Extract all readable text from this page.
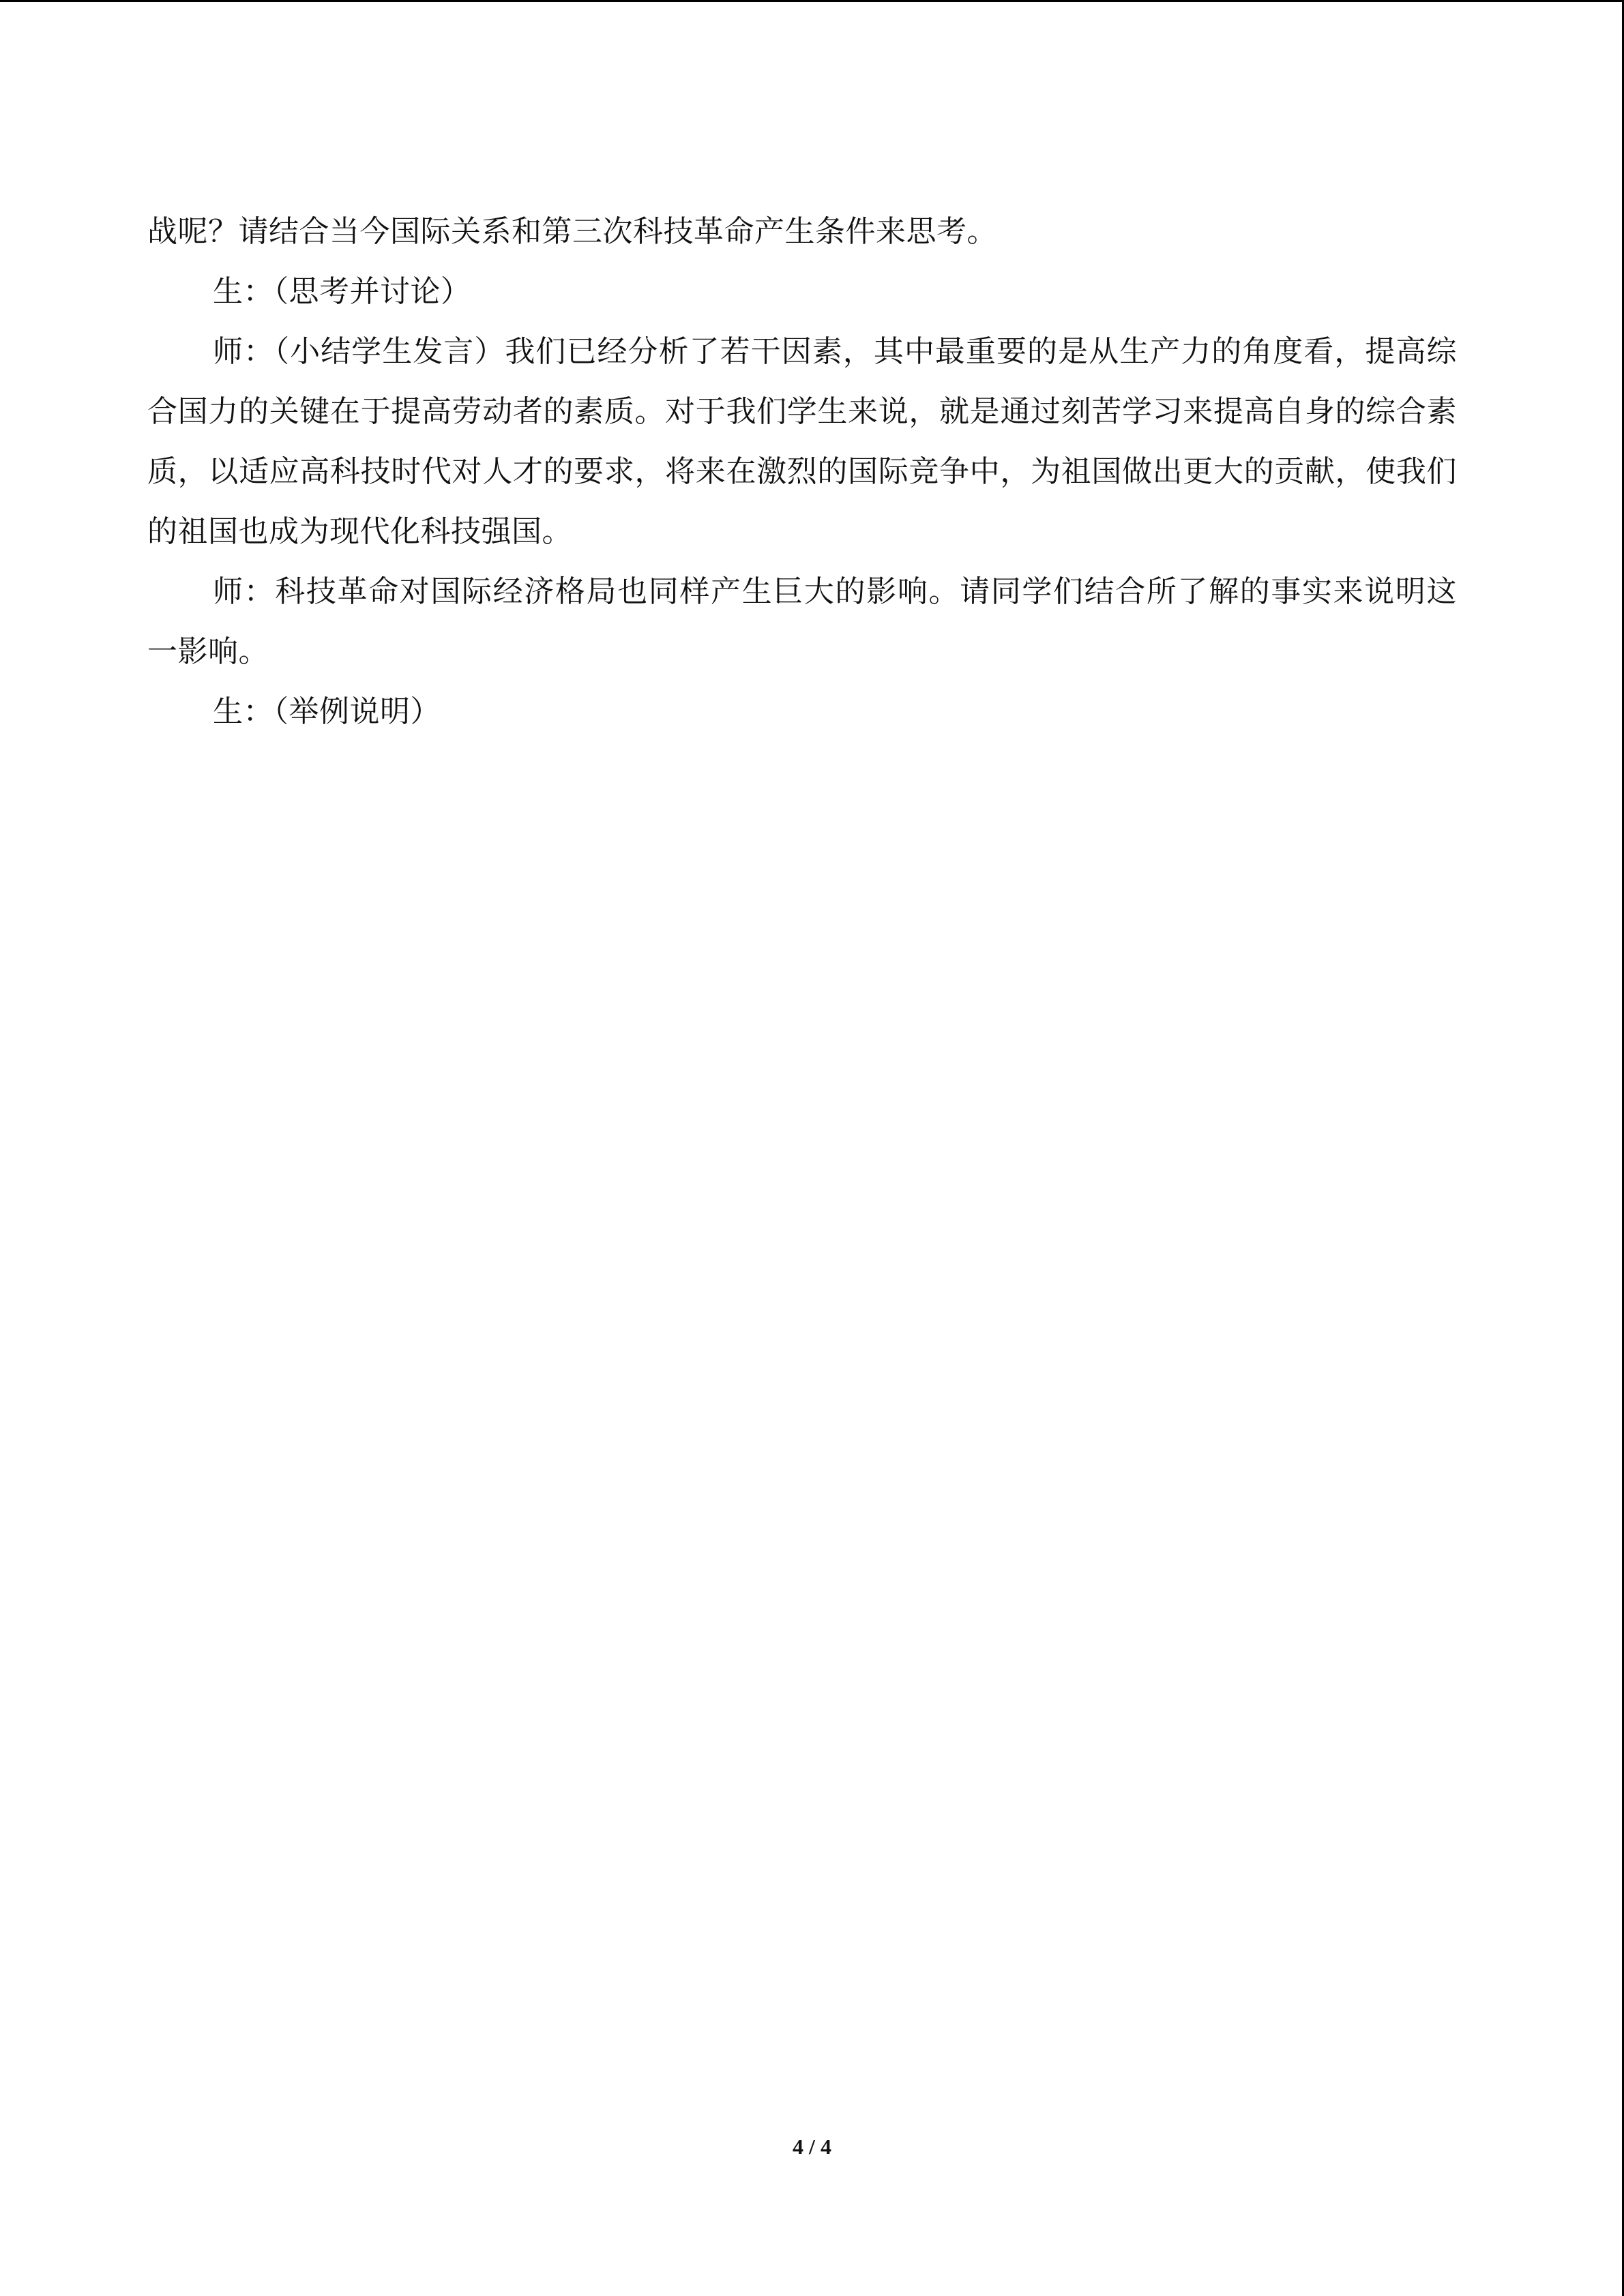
战呢？请结合当今国际关系和第三次科技革命产生条件来思考。

生：（思考并讨论）

师：（小结学生发言）我们已经分析了若干因素，其中最重要的是从生产力的角度看，提高综合国力的关键在于提高劳动者的素质。对于我们学生来说，就是通过刻苦学习来提高自身的综合素质，以适应高科技时代对人才的要求，将来在激烈的国际竞争中，为祖国做出更大的贡献，使我们的祖国也成为现代化科技强国。

师：科技革命对国际经济格局也同样产生巨大的影响。请同学们结合所了解的事实来说明这一影响。

生：（举例说明）

4 / 4
